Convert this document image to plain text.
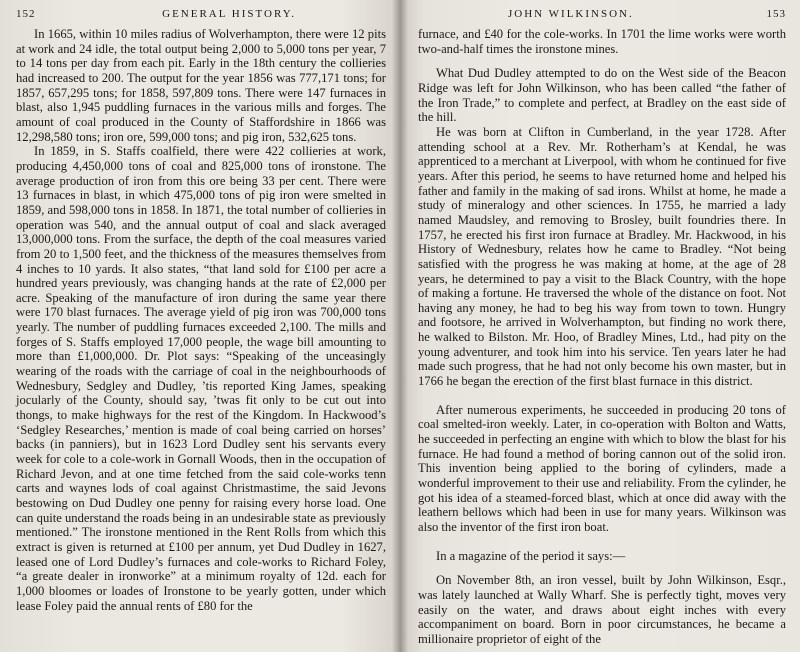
152	GENERAL HISTORY.

In 1665, within 10 miles radius of Wolverhampton, there were 12 pits at work and 24 idle, the total output being 2,000 to 5,000 tons per year, 7 to 14 tons per day from each pit. Early in the 18th century the collieries had increased to 200. The output for the year 1856 was 777,171 tons; for 1857, 657,295 tons; for 1858, 597,809 tons. There were 147 furnaces in blast, also 1,945 puddling furnaces in the various mills and forges. The amount of coal produced in the County of Staffordshire in 1866 was 12,298,580 tons; iron ore, 599,000 tons; and pig iron, 532,625 tons.

In 1859, in S. Staffs coalfield, there were 422 collieries at work, producing 4,450,000 tons of coal and 825,000 tons of ironstone. The average production of iron from this ore being 33 per cent. There were 13 furnaces in blast, in which 475,000 tons of pig iron were smelted in 1859, and 598,000 tons in 1858. In 1871, the total number of collieries in operation was 540, and the annual output of coal and slack averaged 13,000,000 tons. From the surface, the depth of the coal measures varied from 20 to 1,500 feet, and the thickness of the measures themselves from 4 inches to 10 yards. It also states, “that land sold for £100 per acre a hundred years previously, was changing hands at the rate of £2,000 per acre. Speaking of the manufacture of iron during the same year there were 170 blast furnaces. The average yield of pig iron was 700,000 tons yearly. The number of puddling furnaces exceeded 2,100. The mills and forges of S. Staffs employed 17,000 people, the wage bill amounting to more than £1,000,000. Dr. Plot says: “Speaking of the unceasingly wearing of the roads with the carriage of coal in the neighbourhoods of Wednesbury, Sedgley and Dudley, ’tis reported King James, speaking jocularly of the County, should say, ’twas fit only to be cut out into thongs, to make highways for the rest of the Kingdom. In Hackwood’s ‘Sedgley Researches,’ mention is made of coal being carried on horses’ backs (in panniers), but in 1623 Lord Dudley sent his servants every week for cole to a cole-work in Gornall Woods, then in the occupation of Richard Jevon, and at one time fetched from the said cole-works tenn carts and waynes lods of coal against Christmastime, the said Jevons bestowing on Dud Dudley one penny for raising every horse load. One can quite understand the roads being in an undesirable state as previously mentioned.” The ironstone mentioned in the Rent Rolls from which this extract is given is returned at £100 per annum, yet Dud Dudley in 1627, leased one of Lord Dudley’s furnaces and cole-works to Richard Foley, “a greate dealer in ironworke” at a minimum royalty of 12d. each for 1,000 bloomes or loades of Ironstone to be yearly gotten, under which lease Foley paid the annual rents of £80 for the

JOHN WILKINSON.	153

furnace, and £40 for the cole-works. In 1701 the lime works were worth two-and-half times the ironstone mines.

What Dud Dudley attempted to do on the West side of the Beacon Ridge was left for John Wilkinson, who has been called “the father of the Iron Trade,” to complete and perfect, at Bradley on the east side of the hill.

He was born at Clifton in Cumberland, in the year 1728. After attending school at a Rev. Mr. Rotherham’s at Kendal, he was apprenticed to a merchant at Liverpool, with whom he continued for five years. After this period, he seems to have returned home and helped his father and family in the making of sad irons. Whilst at home, he made a study of mineralogy and other sciences. In 1755, he married a lady named Maudsley, and removing to Brosley, built foundries there. In 1757, he erected his first iron furnace at Bradley. Mr. Hackwood, in his History of Wednesbury, relates how he came to Bradley. “Not being satisfied with the progress he was making at home, at the age of 28 years, he determined to pay a visit to the Black Country, with the hope of making a fortune. He traversed the whole of the distance on foot. Not having any money, he had to beg his way from town to town. Hungry and footsore, he arrived in Wolverhampton, but finding no work there, he walked to Bilston. Mr. Hoo, of Bradley Mines, Ltd., had pity on the young adventurer, and took him into his service. Ten years later he had made such progress, that he had not only become his own master, but in 1766 he began the erection of the first blast furnace in this district.

After numerous experiments, he succeeded in producing 20 tons of coal smelted-iron weekly. Later, in co-operation with Bolton and Watts, he succeeded in perfecting an engine with which to blow the blast for his furnace. He had found a method of boring cannon out of the solid iron. This invention being applied to the boring of cylinders, made a wonderful improvement to their use and reliability. From the cylinder, he got his idea of a steamed-forced blast, which at once did away with the leathern bellows which had been in use for many years. Wilkinson was also the inventor of the first iron boat.

In a magazine of the period it says:—

On November 8th, an iron vessel, built by John Wilkinson, Esqr., was lately launched at Wally Wharf. She is perfectly tight, moves very easily on the water, and draws about eight inches with every accompaniment on board. Born in poor circumstances, he became a millionaire proprietor of eight of the
